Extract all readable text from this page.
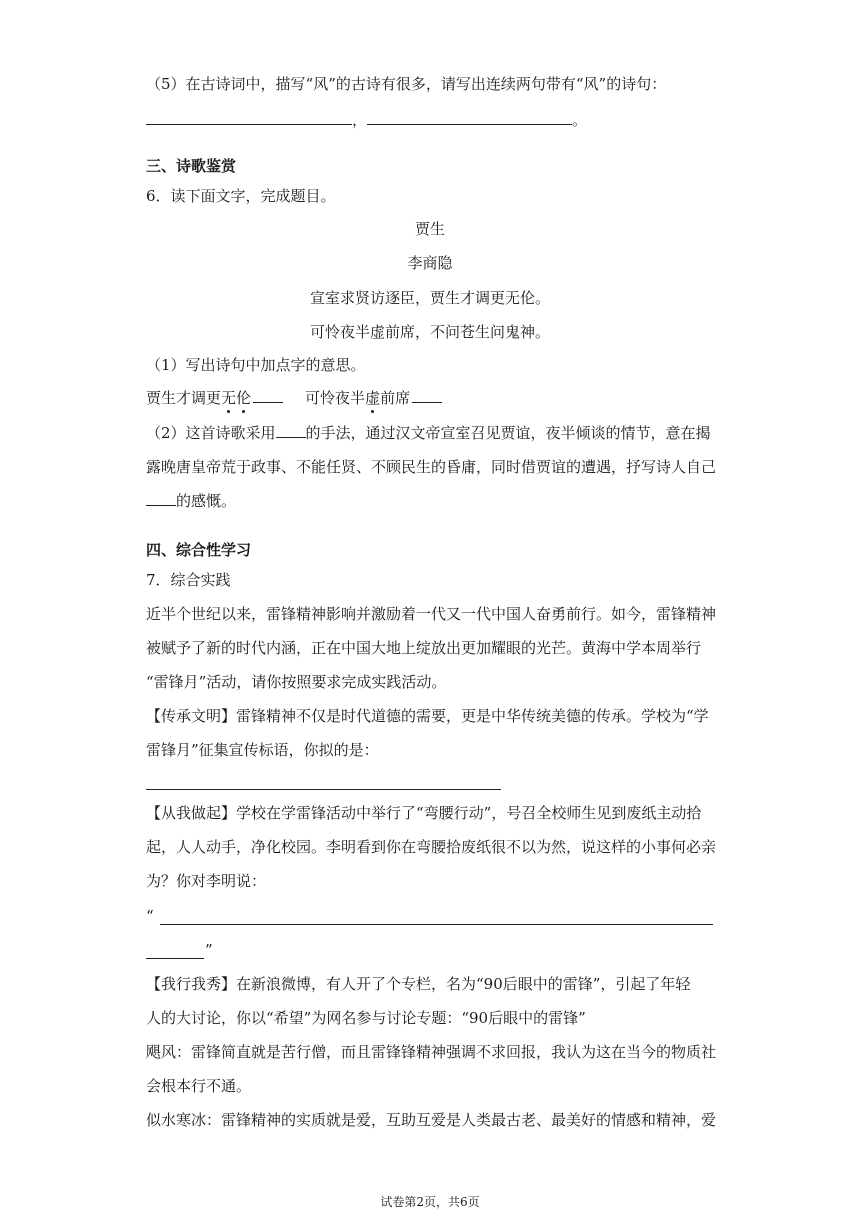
（5）在古诗词中，描写“风”的古诗有很多，请写出连续两句带有“风”的诗句：
，	。
三、诗歌鉴赏
6．读下面文字，完成题目。
贾生
李商隐
宣室求贤访逐臣，贾生才调更无伦。
可怜夜半虚前席，不问苍生问鬼神。
（1）写出诗句中加点字的意思。
贾生才调更无伦	可怜夜半虚前席
（2）这首诗歌采用 的手法，通过汉文帝宣室召见贾谊，夜半倾谈的情节，意在揭
露晚唐皇帝荒于政事、不能任贤、不顾民生的昏庸，同时借贾谊的遭遇，抒写诗人自己
的感慨。
四、综合性学习
7．综合实践
近半个世纪以来，雷锋精神影响并激励着一代又一代中国人奋勇前行。如今，雷锋精神
被赋予了新的时代内涵，正在中国大地上绽放出更加耀眼的光芒。黄海中学本周举行
“雷锋月”活动，请你按照要求完成实践活动。
【传承文明】雷锋精神不仅是时代道德的需要，更是中华传统美德的传承。学校为“学
雷锋月”征集宣传标语，你拟的是：
【从我做起】学校在学雷锋活动中举行了“弯腰行动”，号召全校师生见到废纸主动拾
起，人人动手，净化校园。李明看到你在弯腰拾废纸很不以为然，说这样的小事何必亲
为？你对李明说：
“
”
【我行我秀】在新浪微博，有人开了个专栏，名为“90后眼中的雷锋”，引起了年轻
人的大讨论，你以“希望”为网名参与讨论专题：“90后眼中的雷锋”
飓风：雷锋简直就是苦行僧，而且雷锋锋精神强调不求回报，我认为这在当今的物质社
会根本行不通。
似水寒冰：雷锋精神的实质就是爱，互助互爱是人类最古老、最美好的情感和精神，爱
试卷第2页，共6页
